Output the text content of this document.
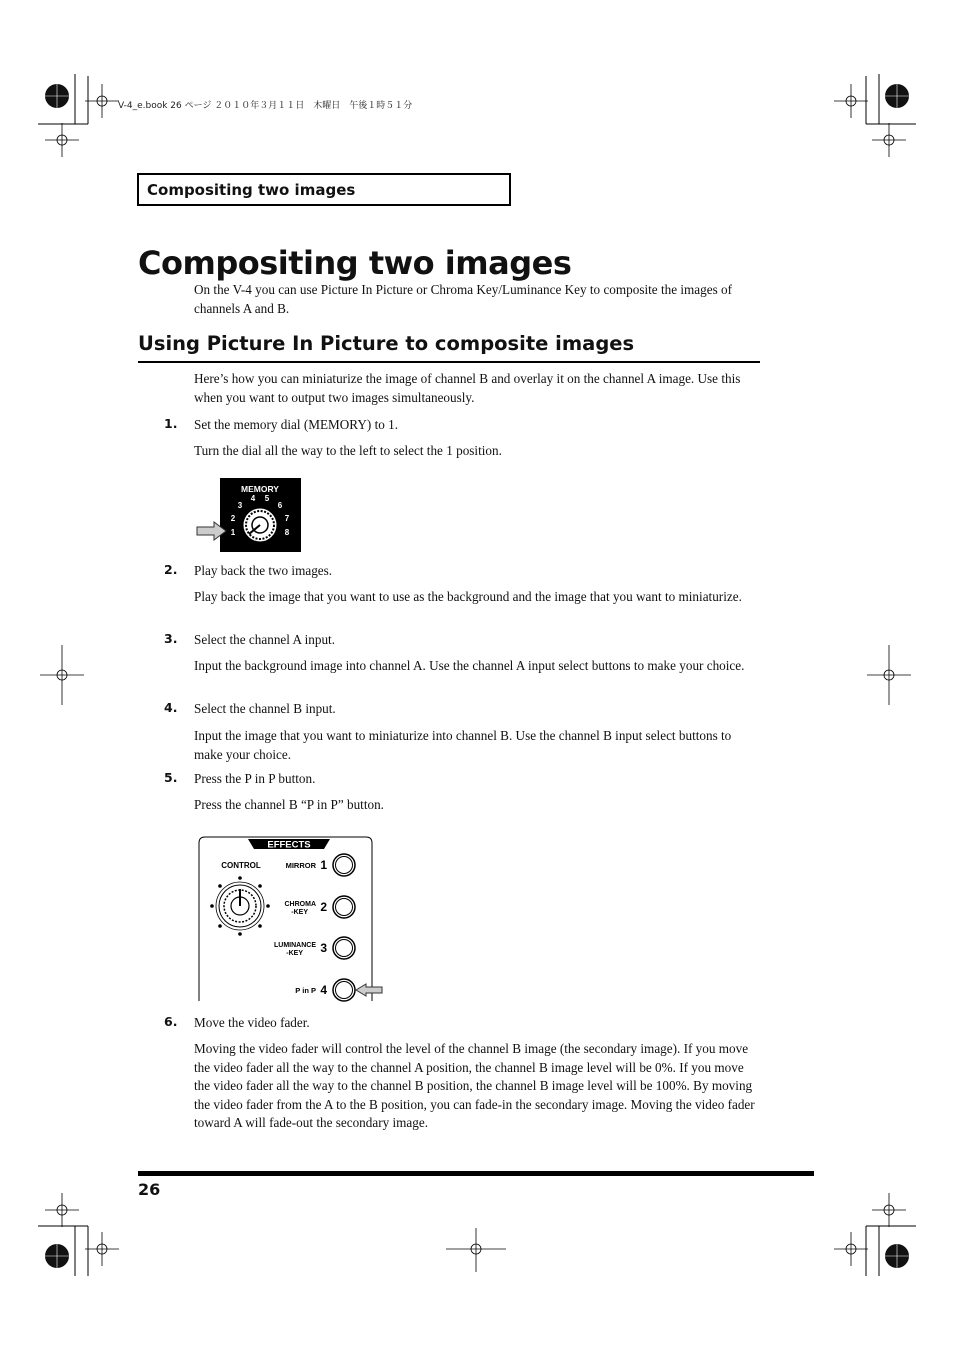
V-4_e.book 26 ページ ２０１０年３月１１日　木曜日　午後１時５１分
Compositing two images
Compositing two images
On the V-4 you can use Picture In Picture or Chroma Key/Luminance Key to composite the images of channels A and B.
Using Picture In Picture to composite images
Here’s how you can miniaturize the image of channel B and overlay it on the channel A image. Use this when you want to output two images simultaneously.
1. Set the memory dial (MEMORY) to 1.
Turn the dial all the way to the left to select the 1 position.
MEMORY
1
2
3
4 5
6
7
8
2. Play back the two images.
Play back the image that you want to use as the background and the image that you want to miniaturize.
3. Select the channel A input.
Input the background image into channel A. Use the channel A input select buttons to make your choice.
4. Select the channel B input.
Input the image that you want to miniaturize into channel B. Use the channel B input select buttons to make your choice.
5. Press the P in P button.
Press the channel B “P in P” button.
EFFECTS
CONTROL	MIRROR 1
CHROMA
-KEY 2
LUMINANCE
-KEY 3
P in P 4
6. Move the video fader.
Moving the video fader will control the level of the channel B image (the secondary image). If you move the video fader all the way to the channel A position, the channel B image level will be 0%. If you move the video fader all the way to the channel B position, the channel B image level will be 100%. By moving the video fader from the A to the B position, you can fade-in the secondary image. Moving the video fader toward A will fade-out the secondary image.
26
